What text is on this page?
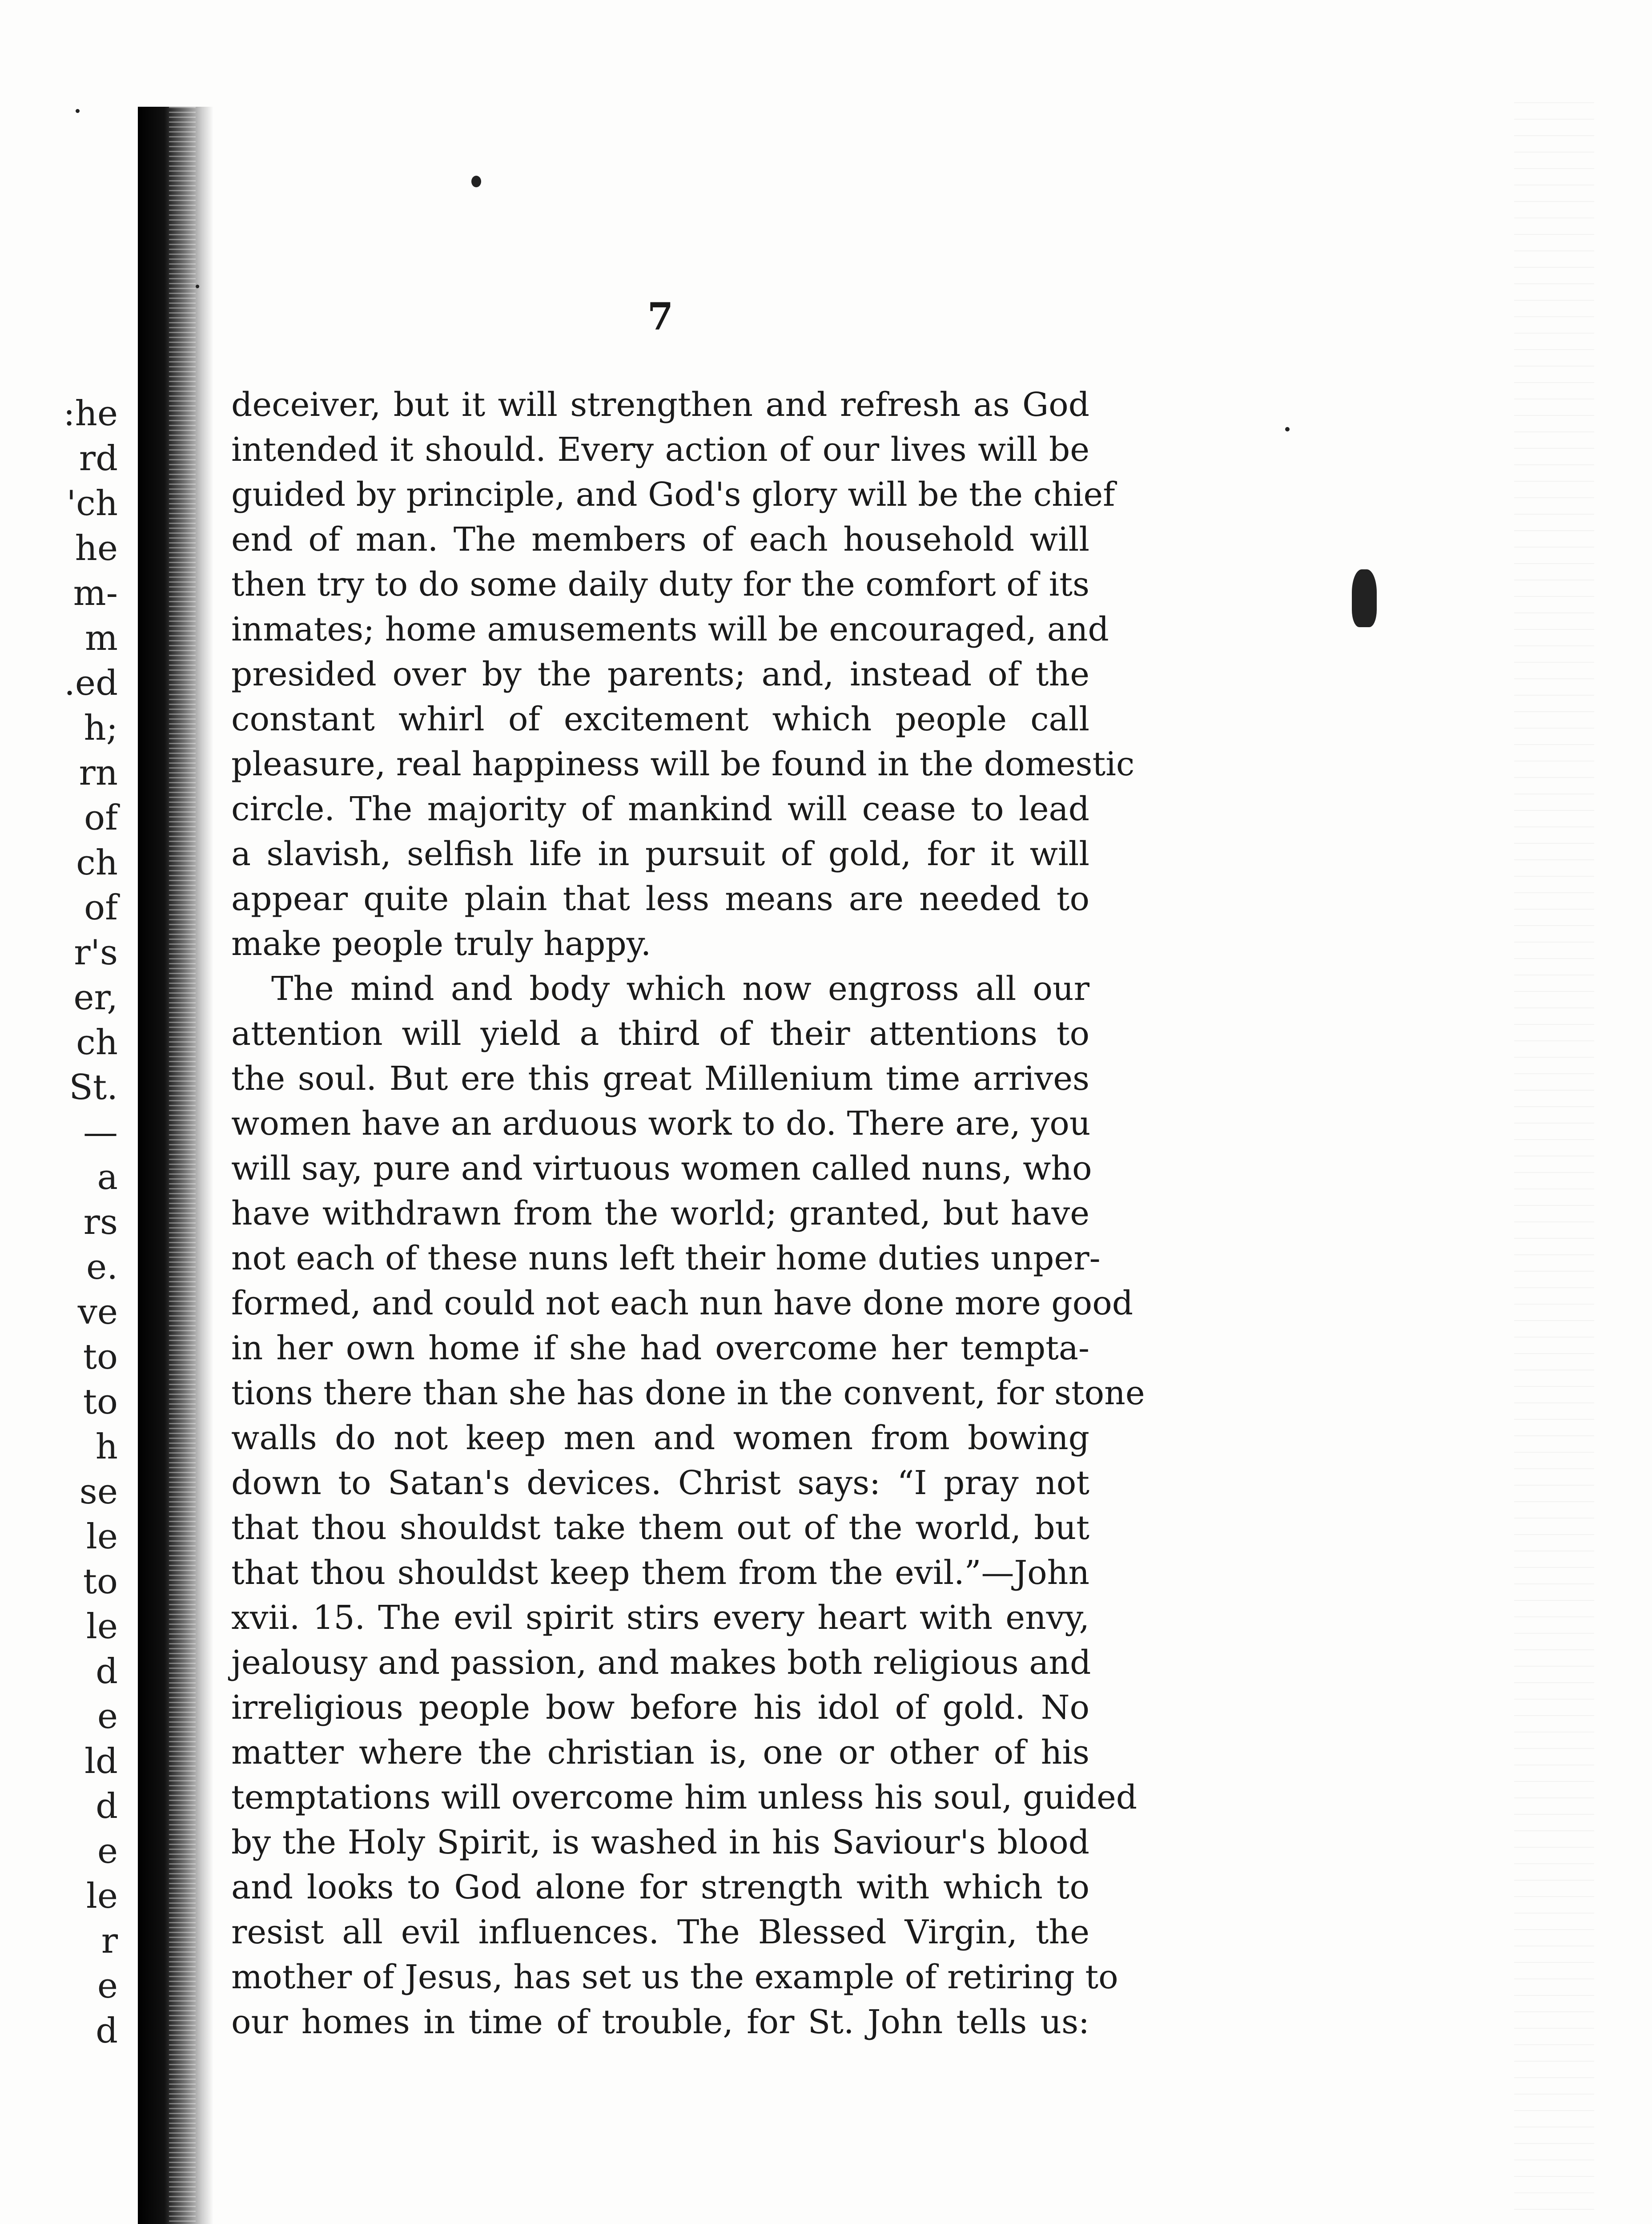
7
:he
rd
'ch
he
m-
m
.ed
h;
rn
of
ch
of
r's
er,
ch
St.
—
a
rs
e.
ve
to
to
h
se
le
to
le
d
e
ld
d
e
le
r
e
d
deceiver, but it will strengthen and refresh as God
intended it should. Every action of our lives will be
guided by principle, and God's glory will be the chief
end of man. The members of each household will
then try to do some daily duty for the comfort of its
inmates; home amusements will be encouraged, and
presided over by the parents; and, instead of the
constant whirl of excitement which people call
pleasure, real happiness will be found in the domestic
circle. The majority of mankind will cease to lead
a slavish, selfish life in pursuit of gold, for it will
appear quite plain that less means are needed to
make people truly happy.
The mind and body which now engross all our
attention will yield a third of their attentions to
the soul. But ere this great Millenium time arrives
women have an arduous work to do. There are, you
will say, pure and virtuous women called nuns, who
have withdrawn from the world; granted, but have
not each of these nuns left their home duties unper-
formed, and could not each nun have done more good
in her own home if she had overcome her tempta-
tions there than she has done in the convent, for stone
walls do not keep men and women from bowing
down to Satan's devices. Christ says: “I pray not
that thou shouldst take them out of the world, but
that thou shouldst keep them from the evil.”—John
xvii. 15. The evil spirit stirs every heart with envy,
jealousy and passion, and makes both religious and
irreligious people bow before his idol of gold. No
matter where the christian is, one or other of his
temptations will overcome him unless his soul, guided
by the Holy Spirit, is washed in his Saviour's blood
and looks to God alone for strength with which to
resist all evil influences. The Blessed Virgin, the
mother of Jesus, has set us the example of retiring to
our homes in time of trouble, for St. John tells us:
